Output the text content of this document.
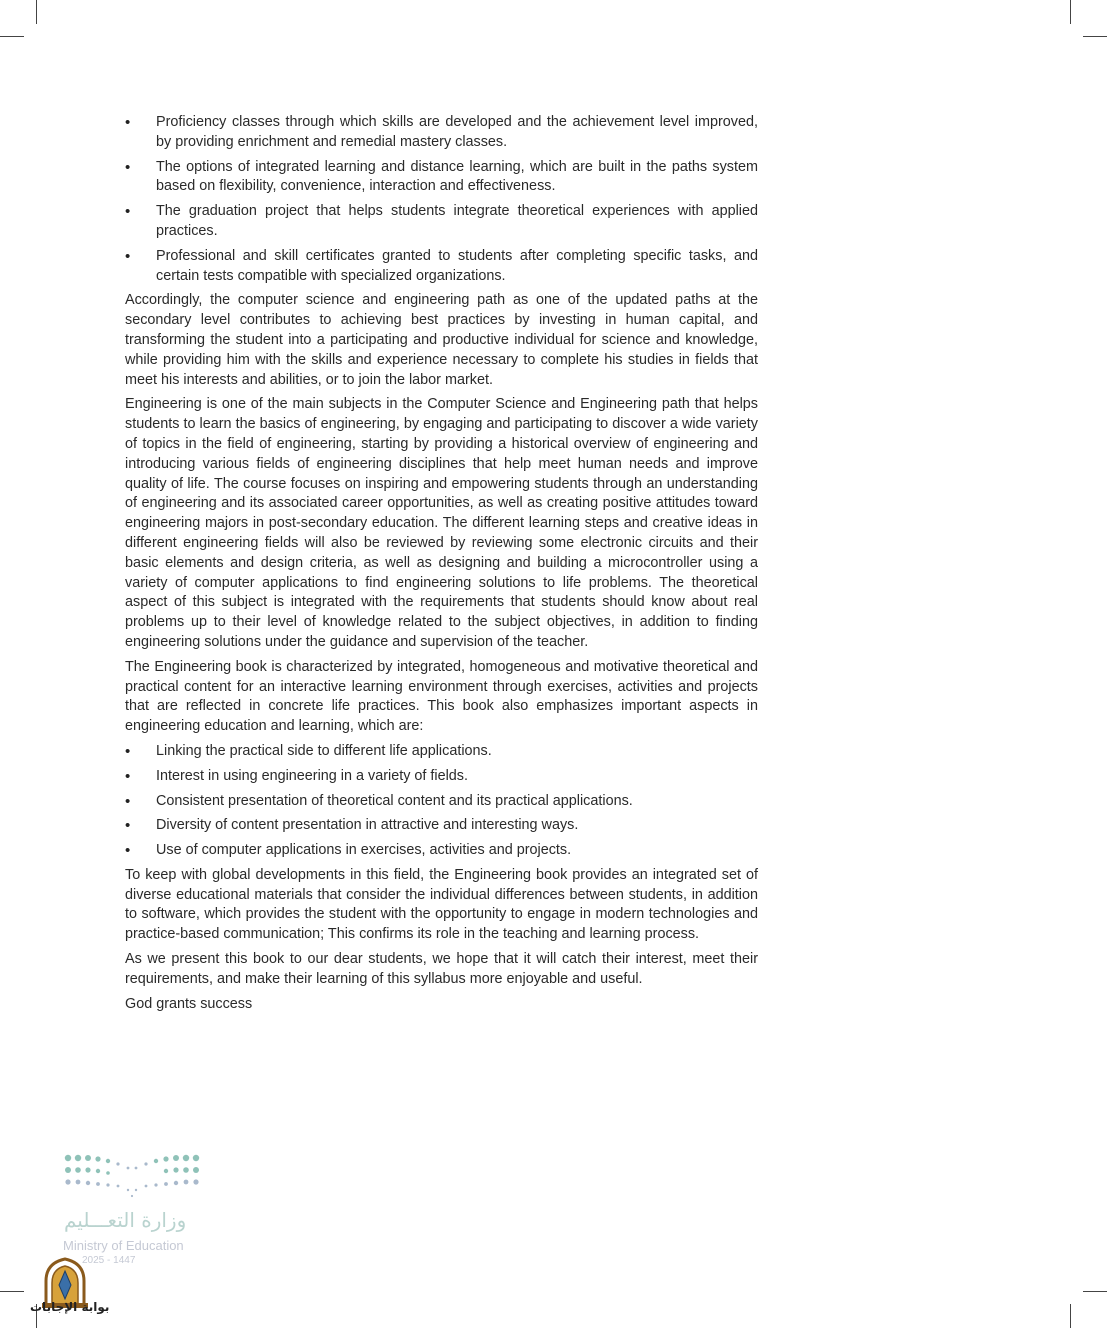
• Proficiency classes through which skills are developed and the achievement level improved, by providing enrichment and remedial mastery classes.
• The options of integrated learning and distance learning, which are built in the paths system based on flexibility, convenience, interaction and effectiveness.
• The graduation project that helps students integrate theoretical experiences with applied practices.
• Professional and skill certificates granted to students after completing specific tasks, and certain tests compatible with specialized organizations.

Accordingly, the computer science and engineering path as one of the updated paths at the secondary level contributes to achieving best practices by investing in human capital, and transforming the student into a participating and productive individual for science and knowledge, while providing him with the skills and experience necessary to complete his studies in fields that meet his interests and abilities, or to join the labor market.

Engineering is one of the main subjects in the Computer Science and Engineering path that helps students to learn the basics of engineering, by engaging and participating to discover a wide variety of topics in the field of engineering, starting by providing a historical overview of engineering and introducing various fields of engineering disciplines that help meet human needs and improve quality of life. The course focuses on inspiring and empowering students through an understanding of engineering and its associated career opportunities, as well as creating positive attitudes toward engineering majors in post-secondary education. The different learning steps and creative ideas in different engineering fields will also be reviewed by reviewing some electronic circuits and their basic elements and design criteria, as well as designing and building a microcontroller using a variety of computer applications to find engineering solutions to life problems. The theoretical aspect of this subject is integrated with the requirements that students should know about real problems up to their level of knowledge related to the subject objectives, in addition to finding engineering solutions under the guidance and supervision of the teacher.

The Engineering book is characterized by integrated, homogeneous and motivative theoretical and practical content for an interactive learning environment through exercises, activities and projects that are reflected in concrete life practices. This book also emphasizes important aspects in engineering education and learning, which are:

• Linking the practical side to different life applications.
• Interest in using engineering in a variety of fields.
• Consistent presentation of theoretical content and its practical applications.
• Diversity of content presentation in attractive and interesting ways.
• Use of computer applications in exercises, activities and projects.

To keep with global developments in this field, the Engineering book provides an integrated set of diverse educational materials that consider the individual differences between students, in addition to software, which provides the student with the opportunity to engage in modern technologies and practice-based communication; This confirms its role in the teaching and learning process.

As we present this book to our dear students, we hope that it will catch their interest, meet their requirements, and make their learning of this syllabus more enjoyable and useful.

God grants success

وزارة التعـــليم
Ministry of Education
2025 - 1447
بوابة الإجابات
